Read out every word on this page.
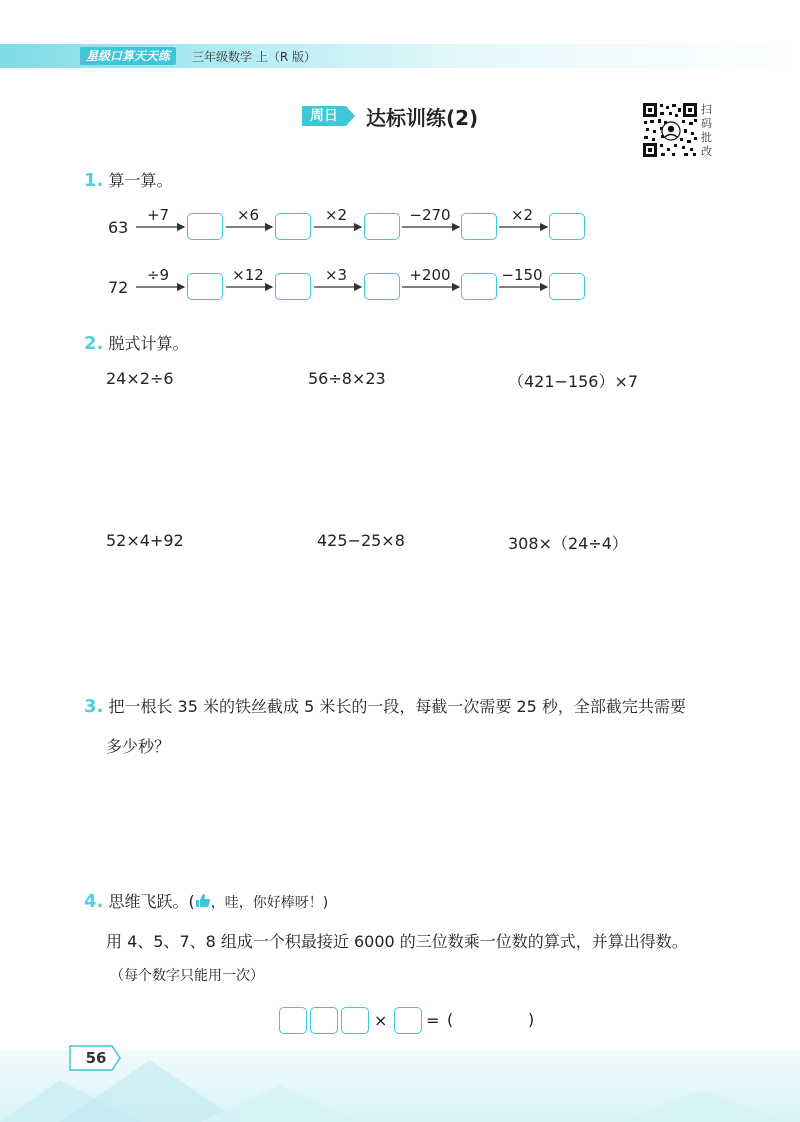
星级口算天天练	三年级数学 上（R 版）
周日	达标训练(2)	扫
码
批
改
1. 算一算。
63
+7	×6	×2	−270	×2
72
÷9	×12	×3	+200	−150
2. 脱式计算。
24×2÷6	56÷8×23	（421−156）×7
52×4+92	425−25×8	308×（24÷4）
3. 把一根长 35 米的铁丝截成 5 米长的一段，每截一次需要 25 秒，全部截完共需要
多少秒？
4. 思维飞跃。( ，哇，你好棒呀！)
用 4、5、7、8 组成一个积最接近 6000 的三位数乘一位数的算式，并算出得数。
（每个数字只能用一次）
× = (	)
56
